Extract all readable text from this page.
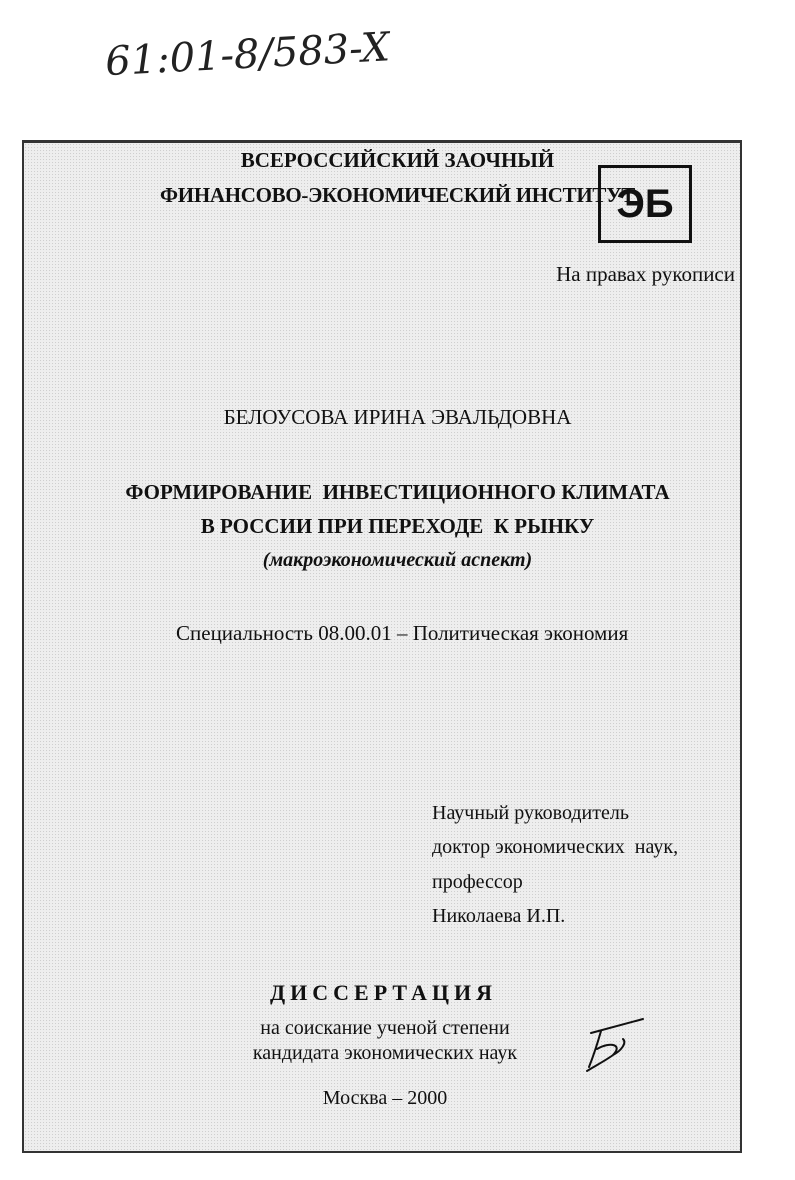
61:01-8/583-X
ВСЕРОССИЙСКИЙ ЗАОЧНЫЙ
ФИНАНСОВО-ЭКОНОМИЧЕСКИЙ ИНСТИТУТ
ЭБ
На правах рукописи
БЕЛОУСОВА ИРИНА ЭВАЛЬДОВНА
ФОРМИРОВАНИЕ  ИНВЕСТИЦИОННОГО КЛИМАТА
В РОССИИ ПРИ ПЕРЕХОДЕ  К РЫНКУ
(макроэкономический аспект)
Специальность 08.00.01 – Политическая экономия
Научный руководитель
доктор экономических  наук,
профессор
Николаева И.П.
ДИССЕРТАЦИЯ
на соискание ученой степени
кандидата экономических наук
Москва – 2000
